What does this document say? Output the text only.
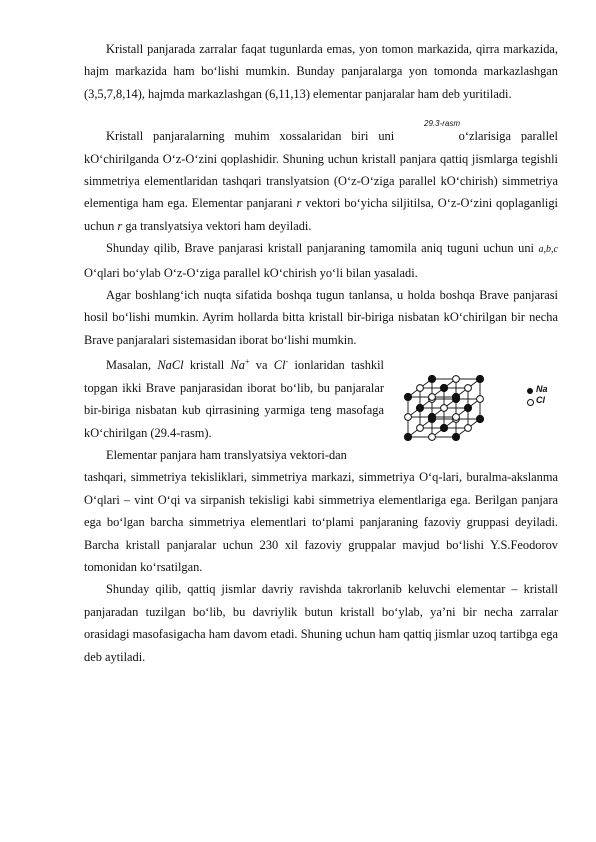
Kristall panjarada zarralar faqat tugunlarda emas, yon tomon markazida, qirra markazida, hajm markazida ham bo‘lishi mumkin. Bunday panjaralarga yon tomonda markazlashgan (3,5,7,8,14), hajmda markazlashgan (6,11,13) elementar panjaralar ham deb yuritiladi.

29.3-rasm

Kristall panjaralarning muhim xossalaridan biri uni	o‘zlarisiga parallel kO‘chirilganda O‘z-O‘zini qoplashidir. Shuning uchun kristall panjara qattiq jismlarga tegishli simmetriya elementlaridan tashqari translyatsion (O‘z-O‘ziga parallel kO‘chirish) simmetriya elementiga ham ega. Elementar panjarani r vektori bo‘yicha siljitilsa, O‘z-O‘zini qoplaganligi uchun r ga translyatsiya vektori ham deyiladi.

Shunday qilib, Brave panjarasi kristall panjaraning tamomila aniq tuguni uchun uni a,b,c O‘qlari bo‘ylab O‘z-O‘ziga parallel kO‘chirish yo‘li bilan yasaladi.

Agar boshlang‘ich nuqta sifatida boshqa tugun tanlansa, u holda boshqa Brave panjarasi hosil bo‘lishi mumkin. Ayrim hollarda bitta kristall bir-biriga nisbatan kO‘chirilgan bir necha Brave panjaralari sistemasidan iborat bo‘lishi mumkin.

Masalan, NaCl kristall Na+ va Cl- ionlaridan tashkil topgan ikki Brave panjarasidan iborat bo‘lib, bu panjaralar bir-biriga nisbatan kub qirrasining yarmiga teng masofaga kO‘chirilgan (29.4-rasm).

Elementar panjara ham translyatsiya vektori-dan

Na
Cl

tashqari, simmetriya tekisliklari, simmetriya markazi, simmetriya O‘q-lari, buralma-akslanma O‘qlari – vint O‘qi va sirpanish tekisligi kabi simmetriya elementlariga ega. Berilgan panjara ega bo‘lgan barcha simmetriya elementlari to‘plami panjaraning fazoviy gruppasi deyiladi. Barcha kristall panjaralar uchun 230 xil fazoviy gruppalar mavjud bo‘lishi Y.S.Feodorov tomonidan ko‘rsatilgan.

Shunday qilib, qattiq jismlar davriy ravishda takrorlanib keluvchi elementar – kristall panjaradan tuzilgan bo‘lib, bu davriylik butun kristall bo‘ylab, ya’ni bir necha zarralar orasidagi masofasigacha ham davom etadi. Shuning uchun ham qattiq jismlar uzoq tartibga ega deb aytiladi.
